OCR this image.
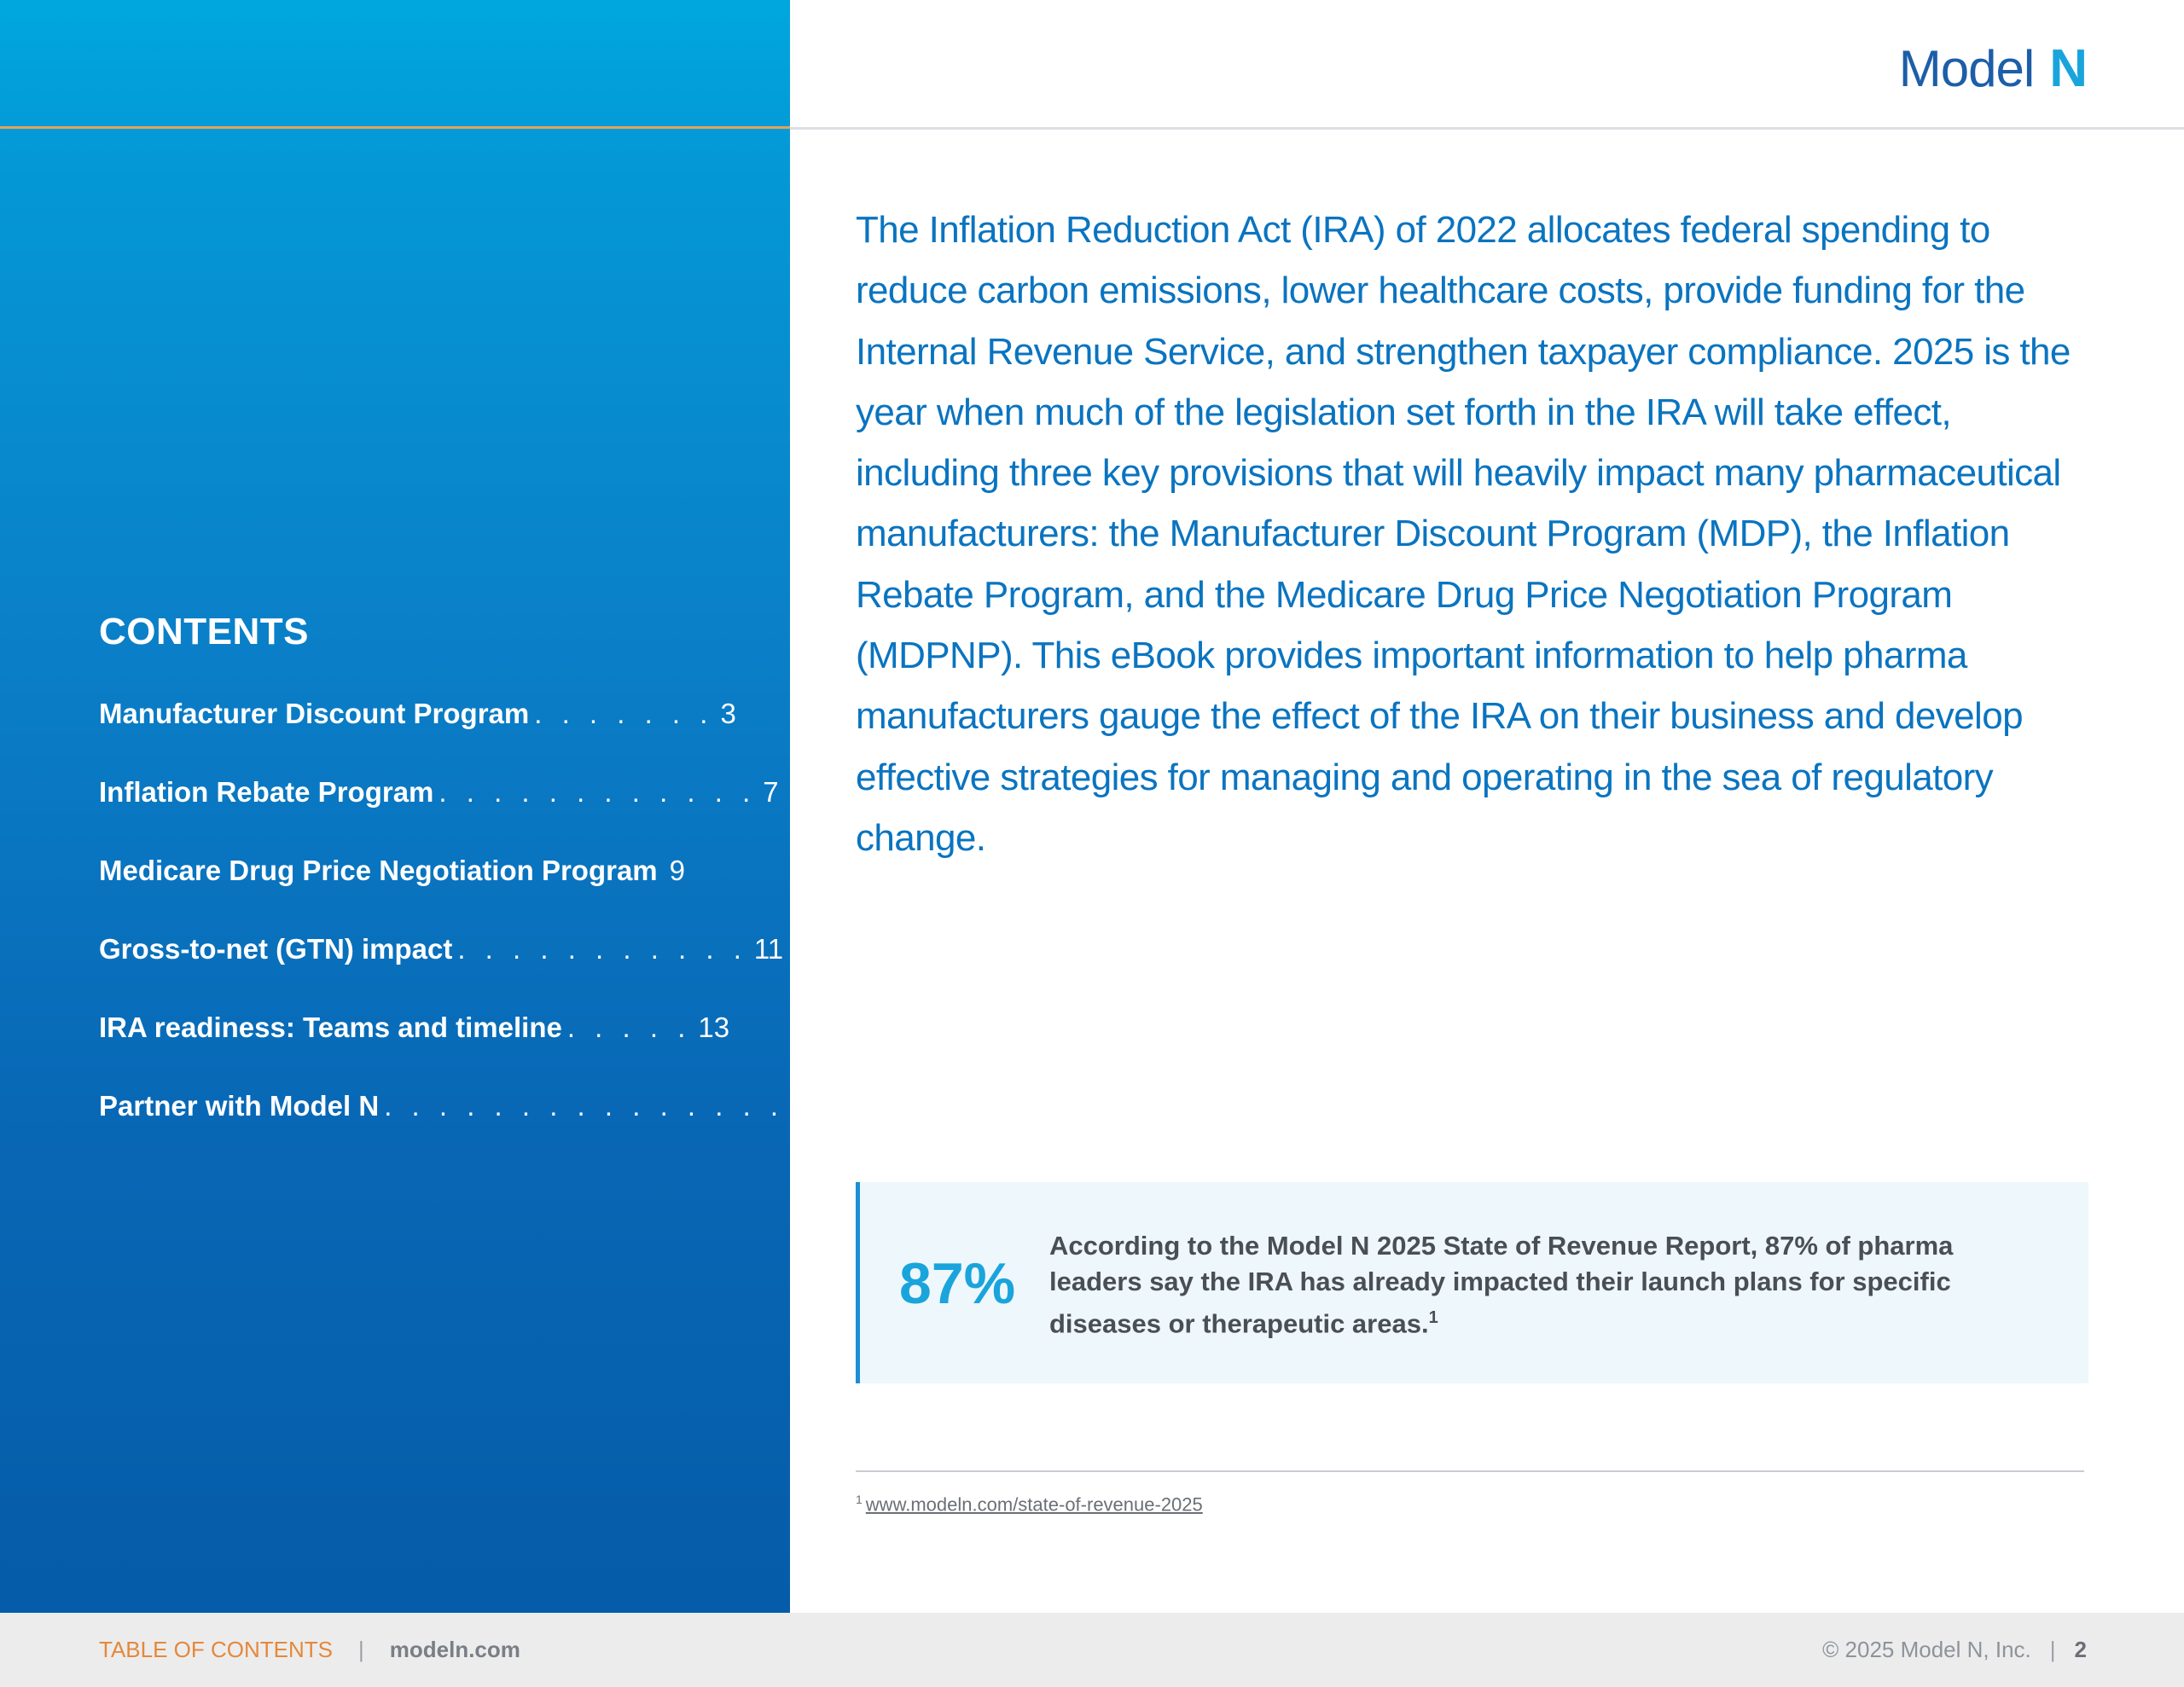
CONTENTS
Manufacturer Discount Program . . . . . . . 3
Inflation Rebate Program . . . . . . . . . . . . 7
Medicare Drug Price Negotiation Program 9
Gross-to-net (GTN) impact . . . . . . . . . . . 11
IRA readiness: Teams and timeline . . . . . 13
Partner with Model N . . . . . . . . . . . . . . . 16
Model N

The Inflation Reduction Act (IRA) of 2022 allocates federal spending to reduce carbon emissions, lower healthcare costs, provide funding for the Internal Revenue Service, and strengthen taxpayer compliance. 2025 is the year when much of the legislation set forth in the IRA will take effect, including three key provisions that will heavily impact many pharmaceutical manufacturers: the Manufacturer Discount Program (MDP), the Inflation Rebate Program, and the Medicare Drug Price Negotiation Program (MDPNP). This eBook provides important information to help pharma manufacturers gauge the effect of the IRA on their business and develop effective strategies for managing and operating in the sea of regulatory change.

87%
According to the Model N 2025 State of Revenue Report, 87% of pharma leaders say the IRA has already impacted their launch plans for specific diseases or therapeutic areas.$^1$
$^1$ www.modeln.com/state-of-revenue-2025
TABLE OF CONTENTS | modeln.com	© 2025 Model N, Inc. | 2
